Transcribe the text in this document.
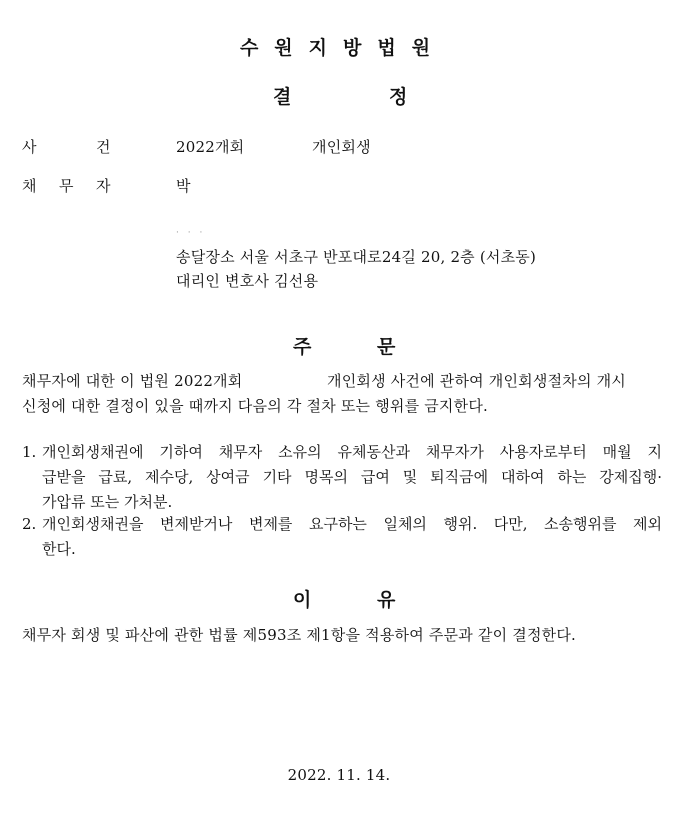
수원지방법원
결	정
사	건	2022개회	개인회생
채 무 자	박
· · ·
송달장소 서울 서초구 반포대로24길 20, 2층 (서초동)
대리인 변호사 김선용
주	문
채무자에 대한 이 법원 2022개회	개인회생 사건에 관하여 개인회생절차의 개시
신청에 대한 결정이 있을 때까지 다음의 각 절차 또는 행위를 금지한다.
1. 개인회생채권에 기하여 채무자 소유의 유체동산과 채무자가 사용자로부터 매월 지
급받을 급료, 제수당, 상여금 기타 명목의 급여 및 퇴직금에 대하여 하는 강제집행·
가압류 또는 가처분.
2. 개인회생채권을 변제받거나 변제를 요구하는 일체의 행위. 다만, 소송행위를 제외
한다.
이	유
채무자 회생 및 파산에 관한 법률 제593조 제1항을 적용하여 주문과 같이 결정한다.
2022. 11. 14.
